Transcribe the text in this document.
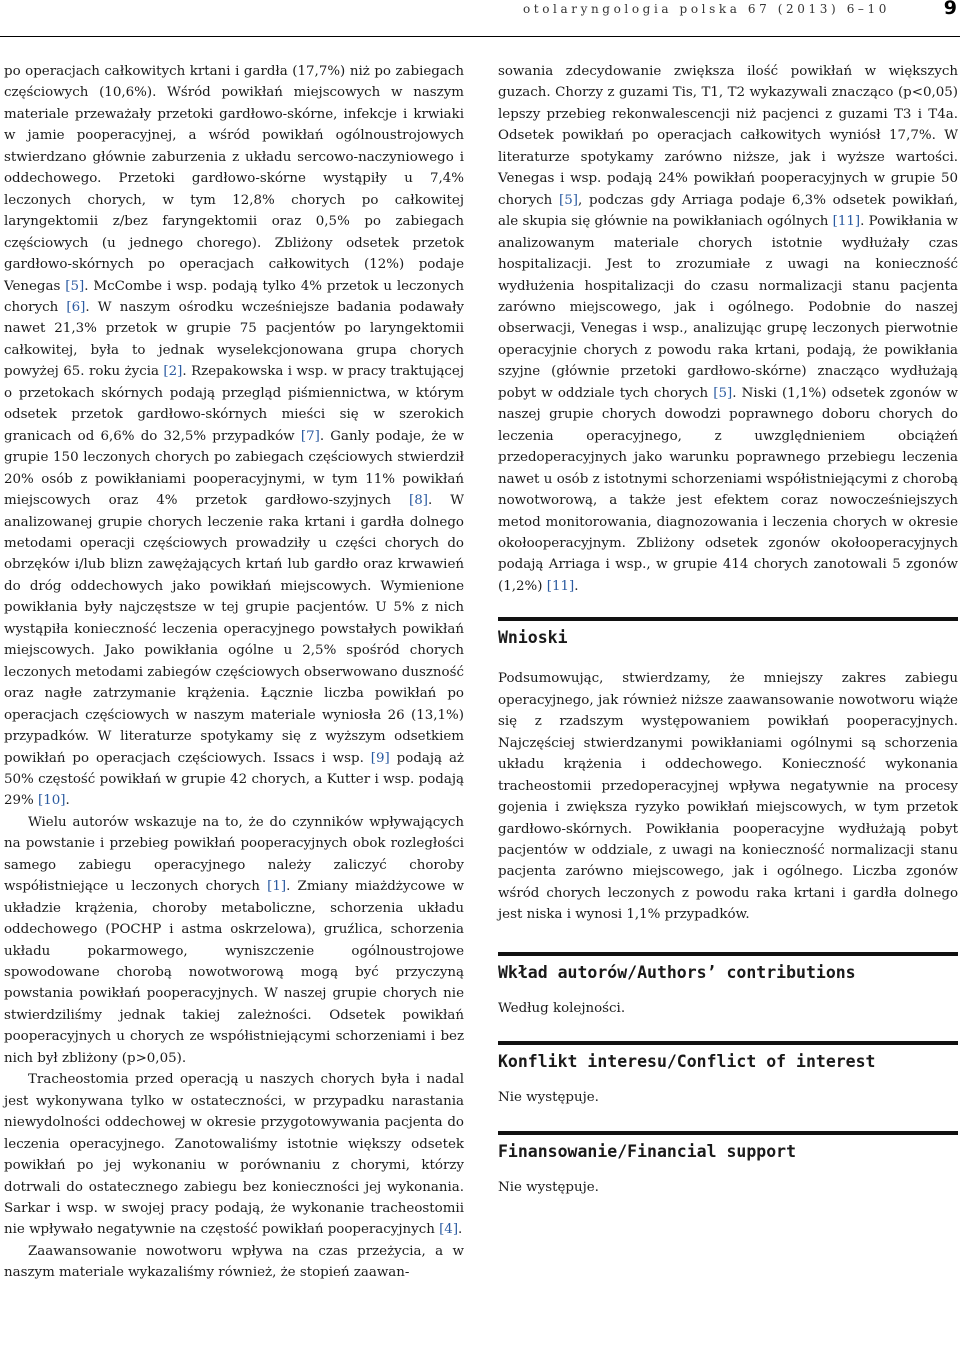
otolaryngologia polska 67 (2013) 6–10	9

po operacjach całkowitych krtani i gardła (17,7%) niż po zabiegach częściowych (10,6%). Wśród powikłań miejscowych w naszym materiale przeważały przetoki gardłowo-skórne, infekcje i krwiaki w jamie pooperacyjnej, a wśród powikłań ogólnoustrojowych stwierdzano głównie zaburzenia z układu sercowo-naczyniowego i oddechowego. Przetoki gardłowo-skórne wystąpiły u 7,4% leczonych chorych, w tym 12,8% chorych po całkowitej laryngektomii z/bez faryngektomii oraz 0,5% po zabiegach częściowych (u jednego chorego). Zbliżony odsetek przetok gardłowo-skórnych po operacjach całkowitych (12%) podaje Venegas [5]. McCombe i wsp. podają tylko 4% przetok u leczonych chorych [6]. W naszym ośrodku wcześniejsze badania podawały nawet 21,3% przetok w grupie 75 pacjentów po laryngektomii całkowitej, była to jednak wyselekcjonowana grupa chorych powyżej 65. roku życia [2]. Rzepakowska i wsp. w pracy traktującej o przetokach skórnych podają przegląd piśmiennictwa, w którym odsetek przetok gardłowo-skórnych mieści się w szerokich granicach od 6,6% do 32,5% przypadków [7]. Ganly podaje, że w grupie 150 leczonych chorych po zabiegach częściowych stwierdził 20% osób z powikłaniami pooperacyjnymi, w tym 11% powikłań miejscowych oraz 4% przetok gardłowo-szyjnych [8]. W analizowanej grupie chorych leczenie raka krtani i gardła dolnego metodami operacji częściowych prowadziły u części chorych do obrzęków i/lub blizn zawężających krtań lub gardło oraz krwawień do dróg oddechowych jako powikłań miejscowych. Wymienione powikłania były najczęstsze w tej grupie pacjentów. U 5% z nich wystąpiła konieczność leczenia operacyjnego powstałych powikłań miejscowych. Jako powikłania ogólne u 2,5% spośród chorych leczonych metodami zabiegów częściowych obserwowano duszność oraz nagłe zatrzymanie krążenia. Łącznie liczba powikłań po operacjach częściowych w naszym materiale wyniosła 26 (13,1%) przypadków. W literaturze spotykamy się z wyższym odsetkiem powikłań po operacjach częściowych. Issacs i wsp. [9] podają aż 50% częstość powikłań w grupie 42 chorych, a Kutter i wsp. podają 29% [10].

Wielu autorów wskazuje na to, że do czynników wpływających na powstanie i przebieg powikłań pooperacyjnych obok rozległości samego zabiegu operacyjnego należy zaliczyć choroby współistniejące u leczonych chorych [1]. Zmiany miażdżycowe w układzie krążenia, choroby metaboliczne, schorzenia układu oddechowego (POCHP i astma oskrzelowa), gruźlica, schorzenia układu pokarmowego, wyniszczenie ogólnoustrojowe spowodowane chorobą nowotworową mogą być przyczyną powstania powikłań pooperacyjnych. W naszej grupie chorych nie stwierdziliśmy jednak takiej zależności. Odsetek powikłań pooperacyjnych u chorych ze współistniejącymi schorzeniami i bez nich był zbliżony (p>0,05).

Tracheostomia przed operacją u naszych chorych była i nadal jest wykonywana tylko w ostateczności, w przypadku narastania niewydolności oddechowej w okresie przygotowywania pacjenta do leczenia operacyjnego. Zanotowaliśmy istotnie większy odsetek powikłań po jej wykonaniu w porównaniu z chorymi, którzy dotrwali do ostatecznego zabiegu bez konieczności jej wykonania. Sarkar i wsp. w swojej pracy podają, że wykonanie tracheostomii nie wpływało negatywnie na częstość powikłań pooperacyjnych [4].

Zaawansowanie nowotworu wpływa na czas przeżycia, a w naszym materiale wykazaliśmy również, że stopień zaawan-

sowania zdecydowanie zwiększa ilość powikłań w większych guzach. Chorzy z guzami Tis, T1, T2 wykazywali znacząco (p<0,05) lepszy przebieg rekonwalescencji niż pacjenci z guzami T3 i T4a. Odsetek powikłań po operacjach całkowitych wyniósł 17,7%. W literaturze spotykamy zarówno niższe, jak i wyższe wartości. Venegas i wsp. podają 24% powikłań pooperacyjnych w grupie 50 chorych [5], podczas gdy Arriaga podaje 6,3% odsetek powikłań, ale skupia się głównie na powikłaniach ogólnych [11]. Powikłania w analizowanym materiale chorych istotnie wydłużały czas hospitalizacji. Jest to zrozumiałe z uwagi na konieczność wydłużenia hospitalizacji do czasu normalizacji stanu pacjenta zarówno miejscowego, jak i ogólnego. Podobnie do naszej obserwacji, Venegas i wsp., analizując grupę leczonych pierwotnie operacyjnie chorych z powodu raka krtani, podają, że powikłania szyjne (głównie przetoki gardłowo-skórne) znacząco wydłużają pobyt w oddziale tych chorych [5]. Niski (1,1%) odsetek zgonów w naszej grupie chorych dowodzi poprawnego doboru chorych do leczenia operacyjnego, z uwzględnieniem obciążeń przedoperacyjnych jako warunku poprawnego przebiegu leczenia nawet u osób z istotnymi schorzeniami współistniejącymi z chorobą nowotworową, a także jest efektem coraz nowocześniejszych metod monitorowania, diagnozowania i leczenia chorych w okresie okołooperacyjnym. Zbliżony odsetek zgonów okołooperacyjnych podają Arriaga i wsp., w grupie 414 chorych zanotowali 5 zgonów (1,2%) [11].

Wnioski

Podsumowując, stwierdzamy, że mniejszy zakres zabiegu operacyjnego, jak również niższe zaawansowanie nowotworu wiąże się z rzadszym występowaniem powikłań pooperacyjnych. Najczęściej stwierdzanymi powikłaniami ogólnymi są schorzenia układu krążenia i oddechowego. Konieczność wykonania tracheostomii przedoperacyjnej wpływa negatywnie na procesy gojenia i zwiększa ryzyko powikłań miejscowych, w tym przetok gardłowo-skórnych. Powikłania pooperacyjne wydłużają pobyt pacjentów w oddziale, z uwagi na konieczność normalizacji stanu pacjenta zarówno miejscowego, jak i ogólnego. Liczba zgonów wśród chorych leczonych z powodu raka krtani i gardła dolnego jest niska i wynosi 1,1% przypadków.

Wkład autorów/Authors’ contributions

Według kolejności.

Konflikt interesu/Conflict of interest

Nie występuje.

Finansowanie/Financial support

Nie występuje.
